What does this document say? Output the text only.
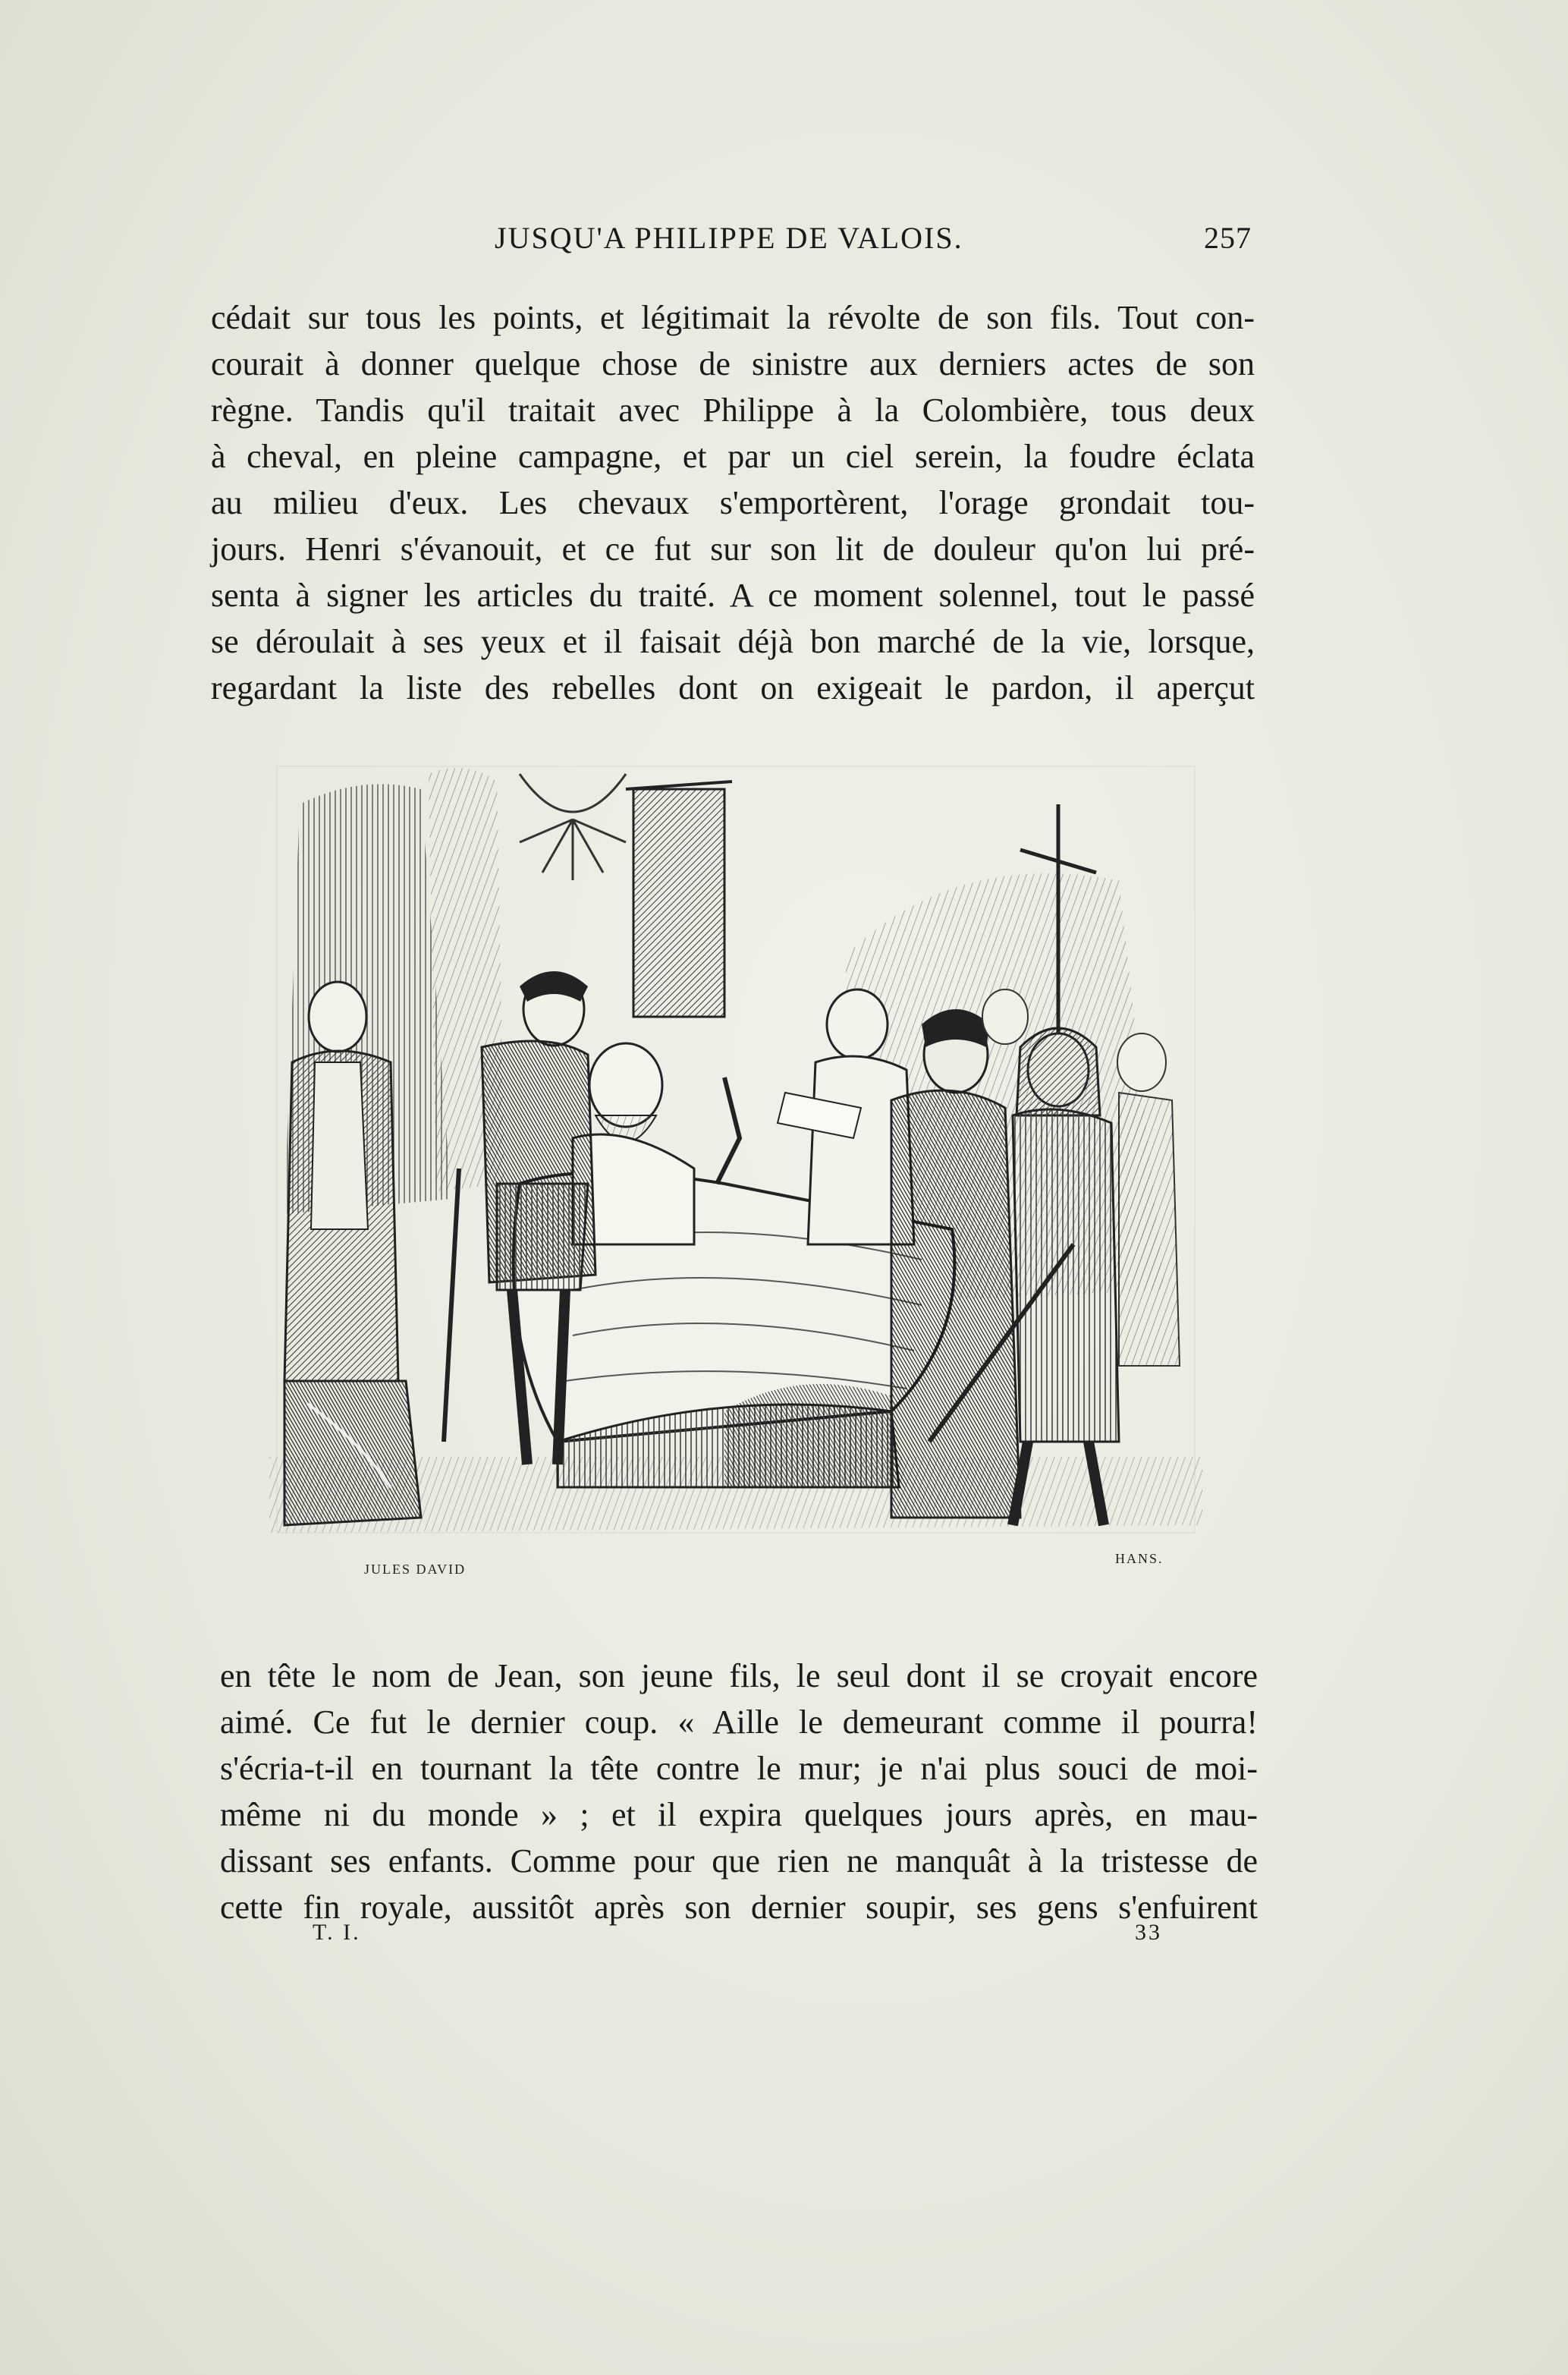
JUSQU'A PHILIPPE DE VALOIS.	257
cédait sur tous les points, et légitimait la révolte de son fils. Tout con-
courait à donner quelque chose de sinistre aux derniers actes de son
règne. Tandis qu'il traitait avec Philippe à la Colombière, tous deux
à cheval, en pleine campagne, et par un ciel serein, la foudre éclata
au milieu d'eux. Les chevaux s'emportèrent, l'orage grondait tou-
jours. Henri s'évanouit, et ce fut sur son lit de douleur qu'on lui pré-
senta à signer les articles du traité. A ce moment solennel, tout le passé
se déroulait à ses yeux et il faisait déjà bon marché de la vie, lorsque,
regardant la liste des rebelles dont on exigeait le pardon, il aperçut
JULES DAVID
HANS.
en tête le nom de Jean, son jeune fils, le seul dont il se croyait encore
aimé. Ce fut le dernier coup. « Aille le demeurant comme il pourra!
s'écria-t-il en tournant la tête contre le mur; je n'ai plus souci de moi-
même ni du monde » ; et il expira quelques jours après, en mau-
dissant ses enfants. Comme pour que rien ne manquât à la tristesse de
cette fin royale, aussitôt après son dernier soupir, ses gens s'enfuirent
T. I.	33
